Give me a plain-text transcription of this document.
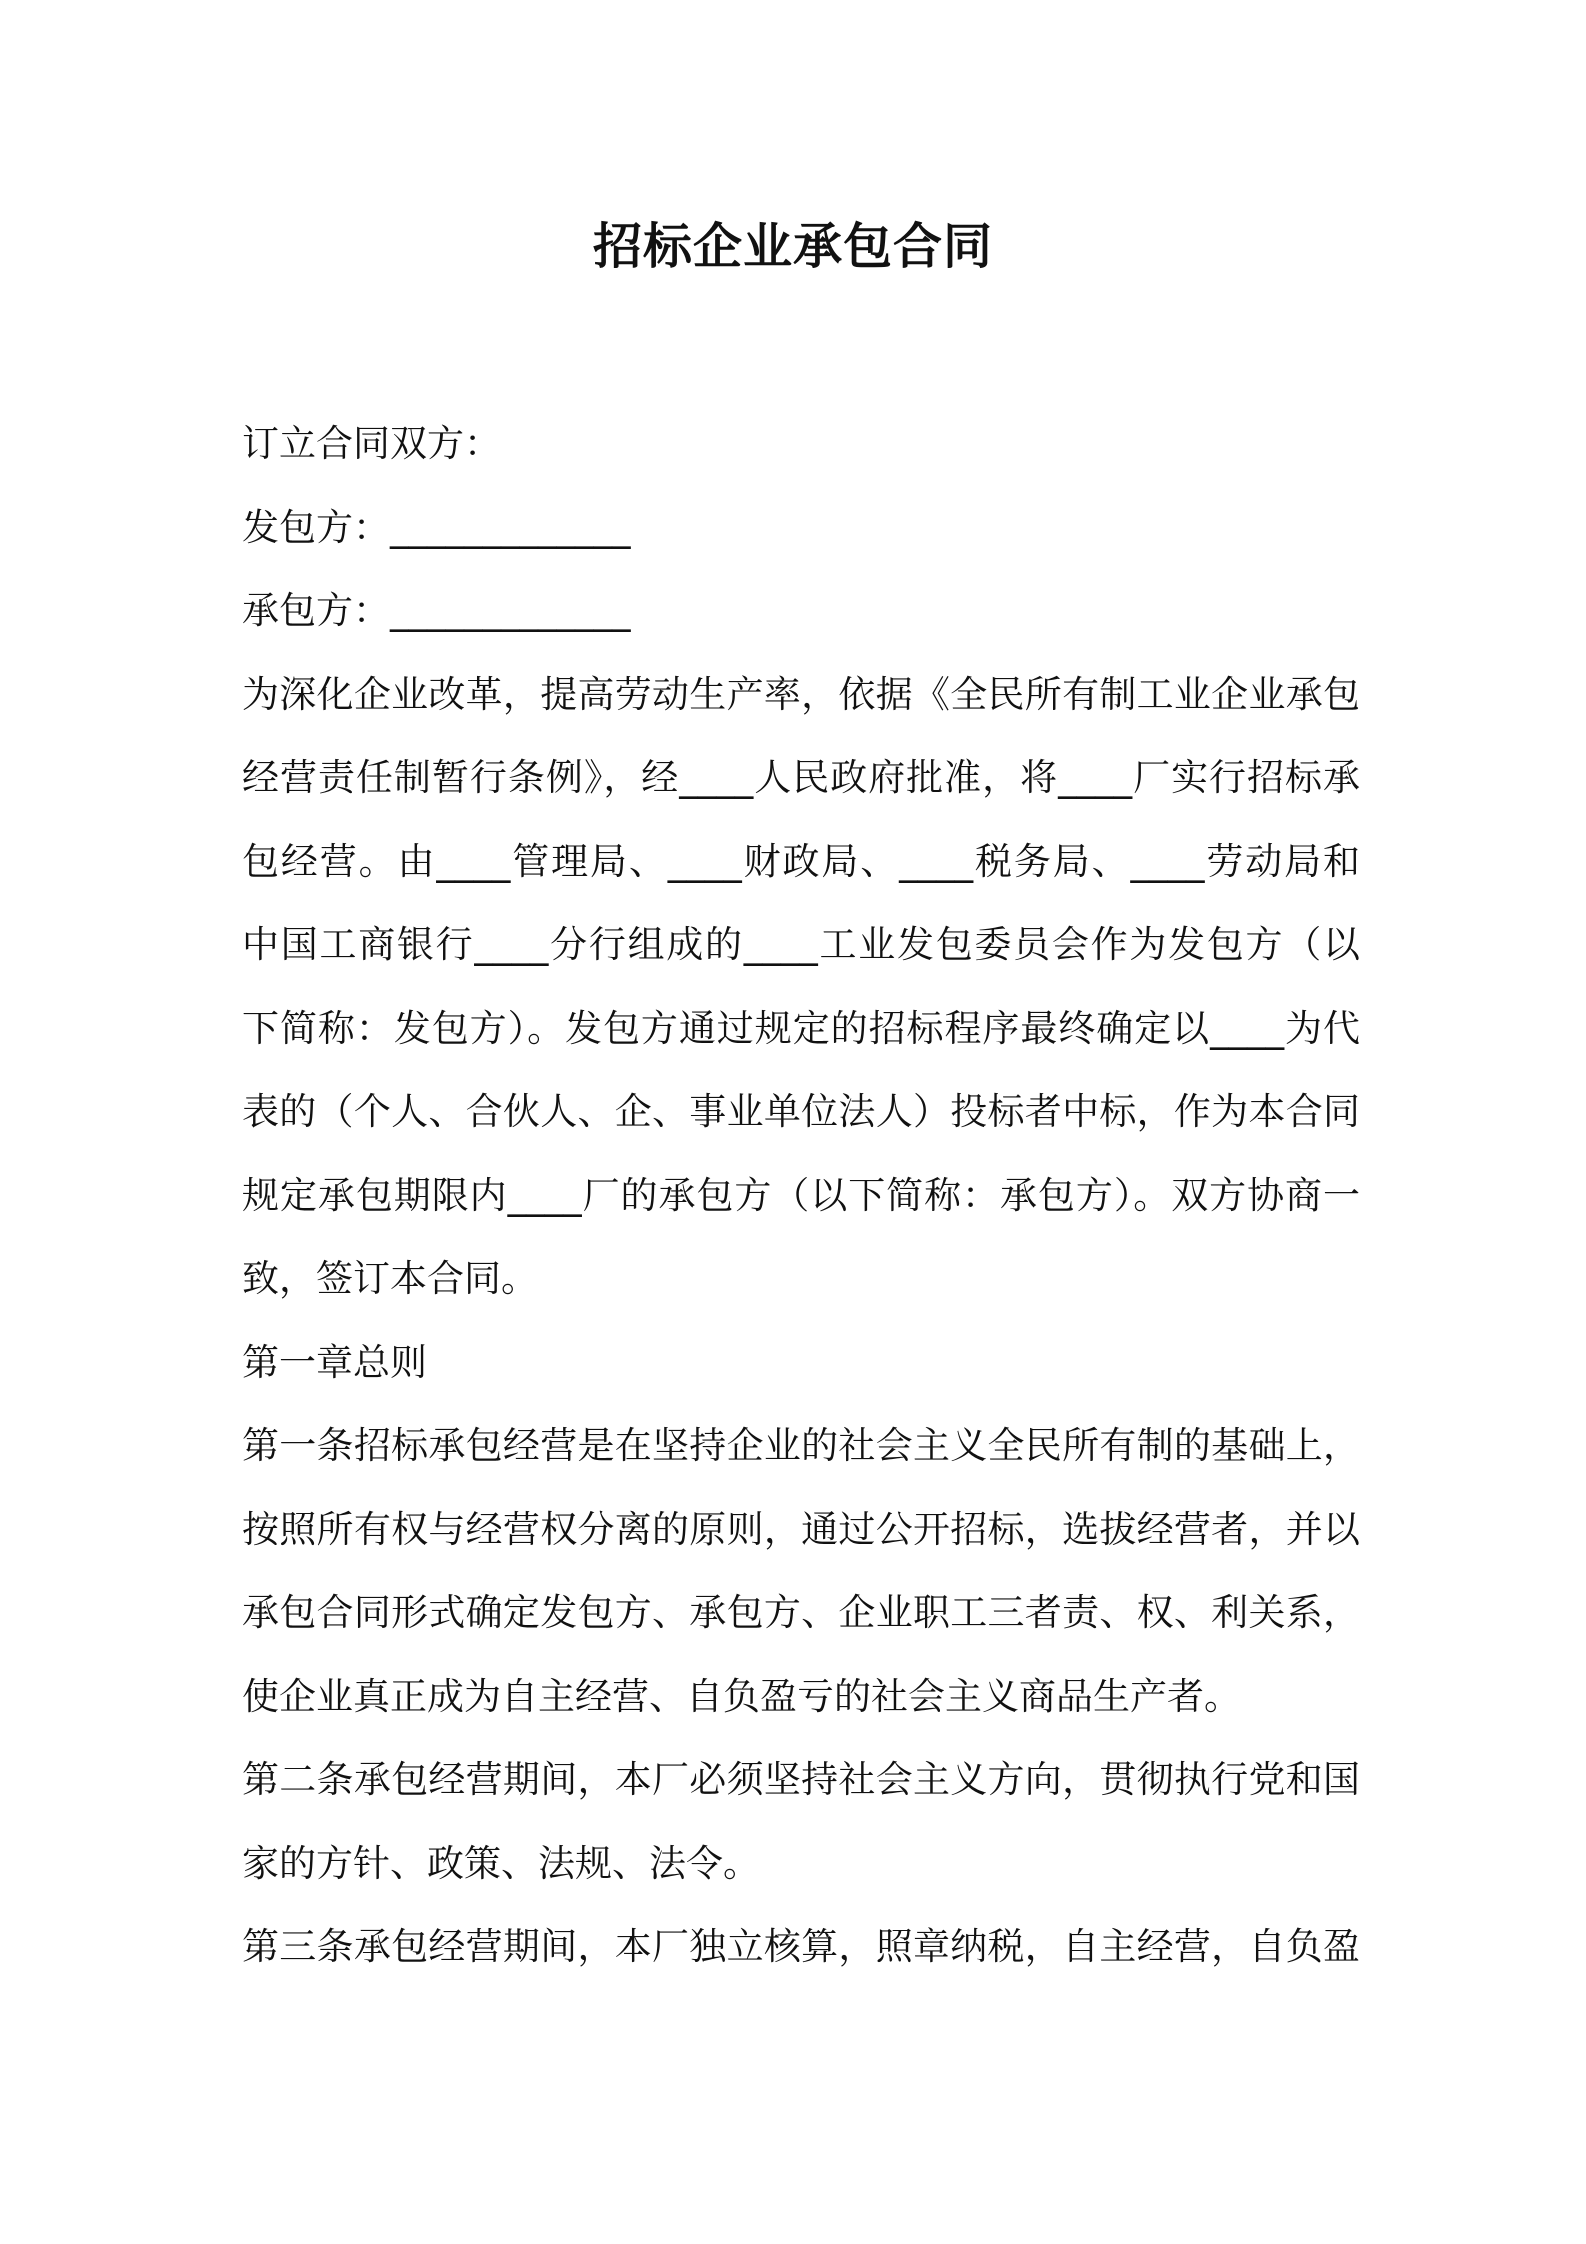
招标企业承包合同
订立合同双方：
发包方：_____________
承包方：_____________
为深化企业改革，提高劳动生产率，依据《全民所有制工业企业承包
经营责任制暂行条例》，经____人民政府批准，将____厂实行招标承
包经营。由____管理局、____财政局、____税务局、____劳动局和
中国工商银行____分行组成的____工业发包委员会作为发包方（以
下简称：发包方）。发包方通过规定的招标程序最终确定以____为代
表的（个人、合伙人、企、事业单位法人）投标者中标，作为本合同
规定承包期限内____厂的承包方（以下简称：承包方）。双方协商一
致，签订本合同。
第一章总则
第一条招标承包经营是在坚持企业的社会主义全民所有制的基础上，
按照所有权与经营权分离的原则，通过公开招标，选拔经营者，并以
承包合同形式确定发包方、承包方、企业职工三者责、权、利关系，
使企业真正成为自主经营、自负盈亏的社会主义商品生产者。
第二条承包经营期间，本厂必须坚持社会主义方向，贯彻执行党和国
家的方针、政策、法规、法令。
第三条承包经营期间，本厂独立核算，照章纳税，自主经营，自负盈
